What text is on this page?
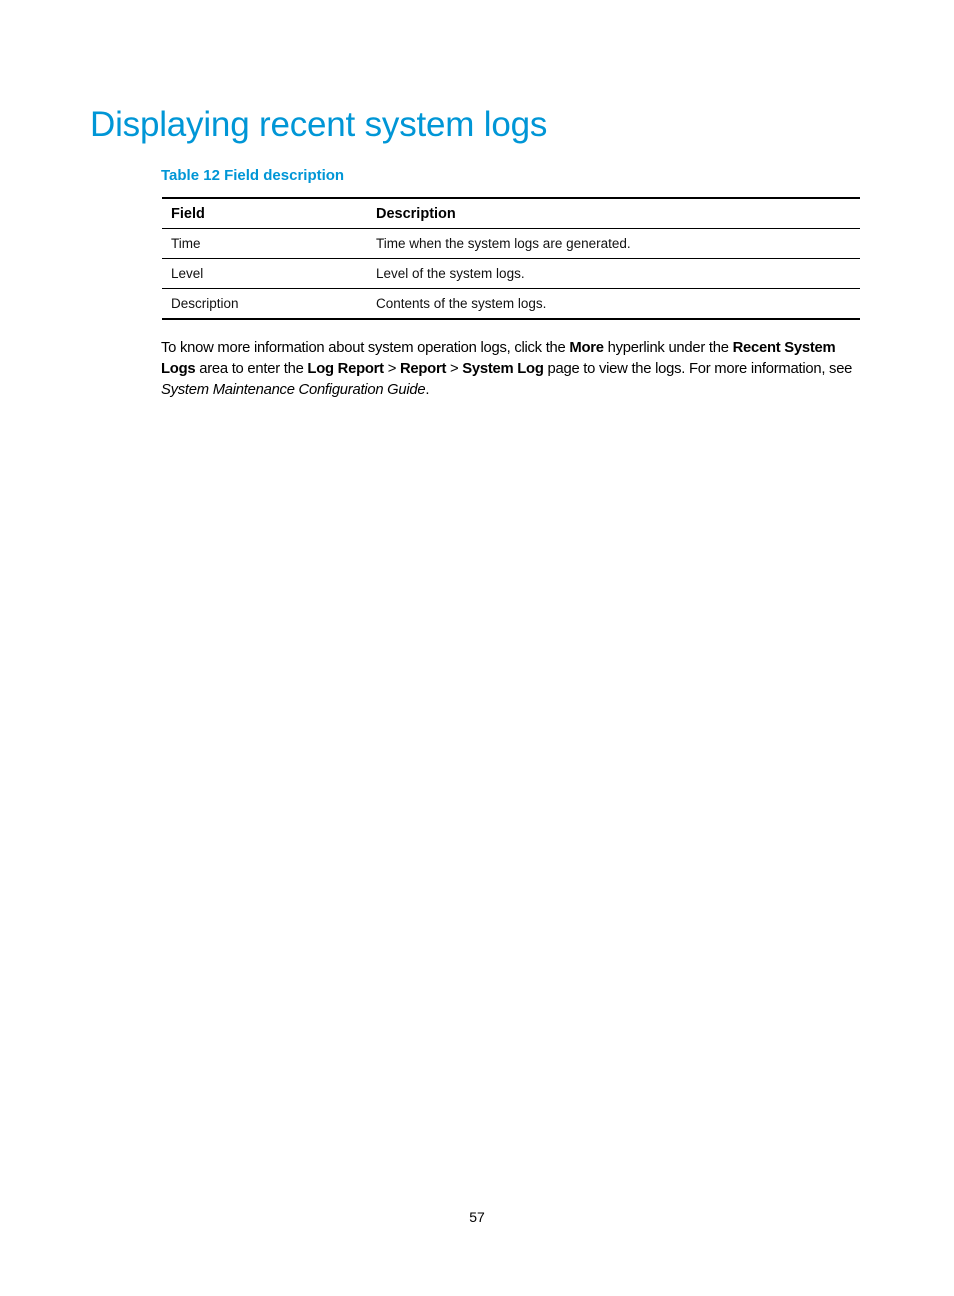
Displaying recent system logs
Table 12 Field description
Field	Description
Time	Time when the system logs are generated.
Level	Level of the system logs.
Description	Contents of the system logs.

To know more information about system operation logs, click the More hyperlink under the Recent System Logs area to enter the Log Report > Report > System Log page to view the logs. For more information, see System Maintenance Configuration Guide.

57
